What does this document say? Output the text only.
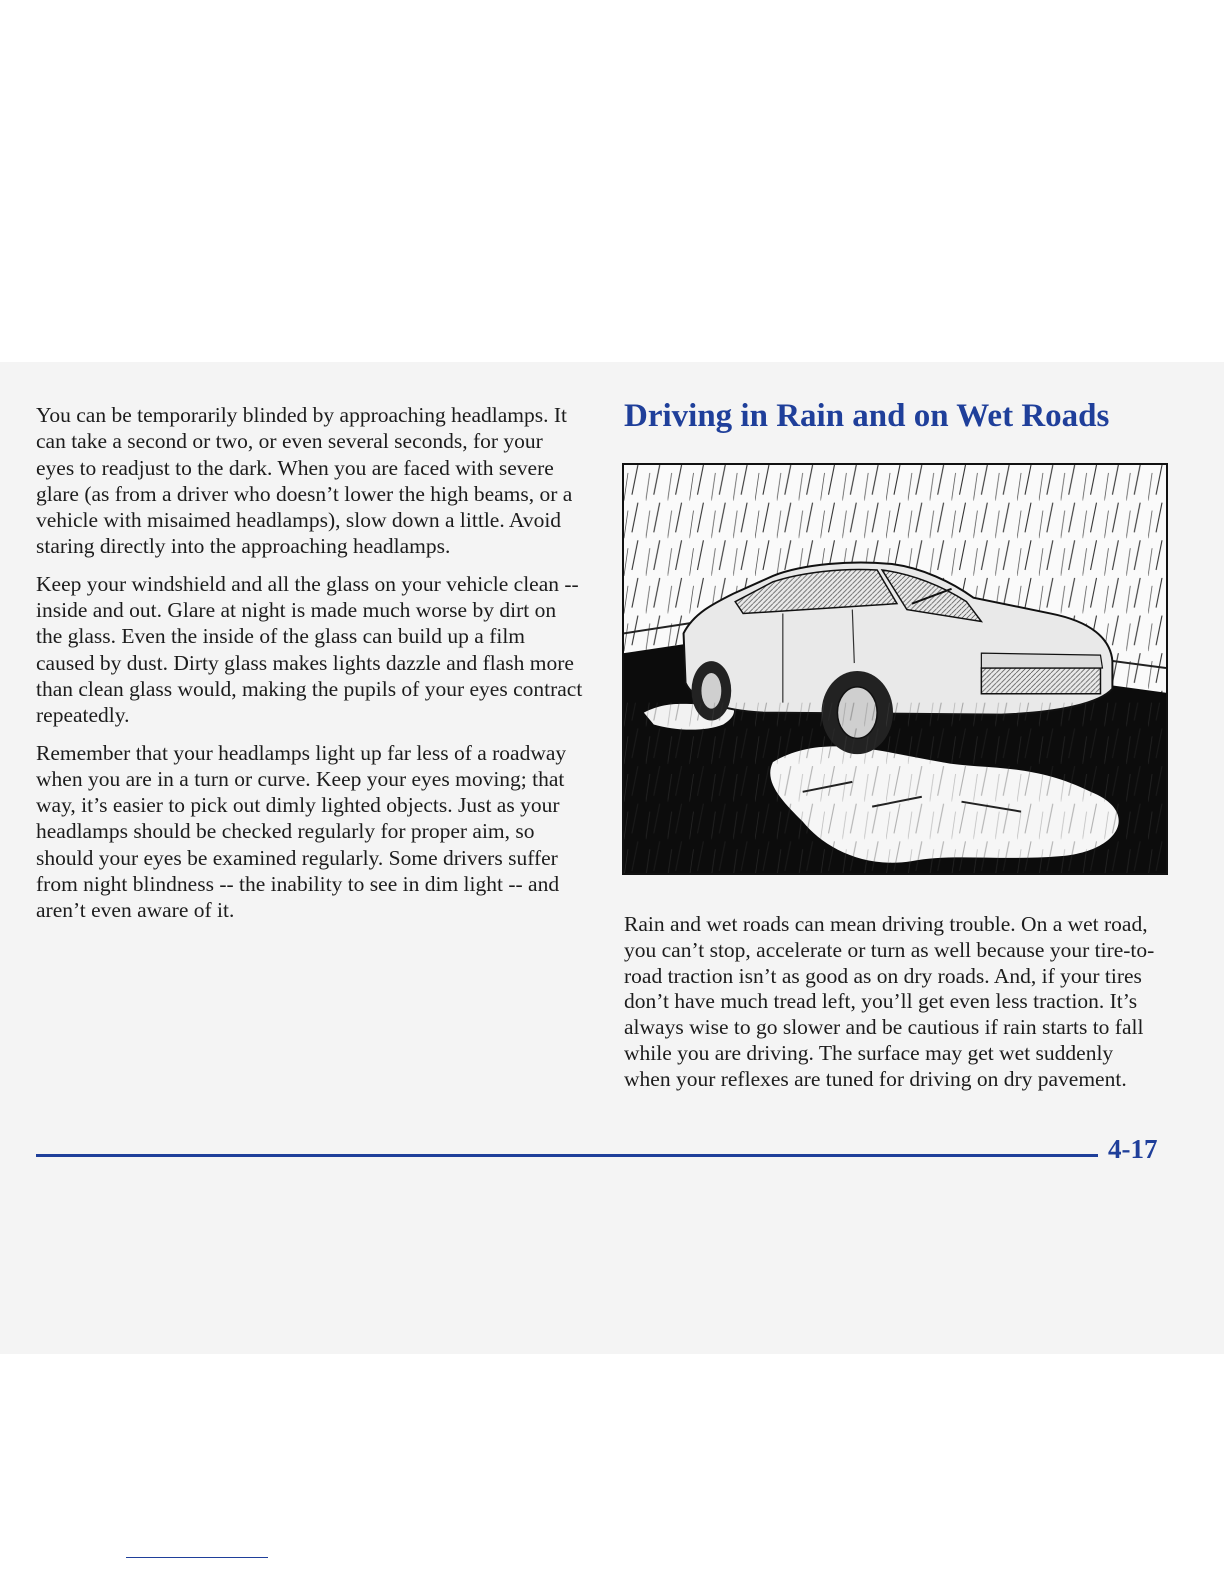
You can be temporarily blinded by approaching headlamps. It can take a second or two, or even several seconds, for your eyes to readjust to the dark. When you are faced with severe glare (as from a driver who doesn’t lower the high beams, or a vehicle with misaimed headlamps), slow down a little. Avoid staring directly into the approaching headlamps.

Keep your windshield and all the glass on your vehicle clean -- inside and out. Glare at night is made much worse by dirt on the glass. Even the inside of the glass can build up a film caused by dust. Dirty glass makes lights dazzle and flash more than clean glass would, making the pupils of your eyes contract repeatedly.

Remember that your headlamps light up far less of a roadway when you are in a turn or curve. Keep your eyes moving; that way, it’s easier to pick out dimly lighted objects. Just as your headlamps should be checked regularly for proper aim, so should your eyes be examined regularly. Some drivers suffer from night blindness -- the inability to see in dim light -- and aren’t even aware of it.

Driving in Rain and on Wet Roads

Rain and wet roads can mean driving trouble. On a wet road, you can’t stop, accelerate or turn as well because your tire-to-road traction isn’t as good as on dry roads. And, if your tires don’t have much tread left, you’ll get even less traction. It’s always wise to go slower and be cautious if rain starts to fall while you are driving. The surface may get wet suddenly when your reflexes are tuned for driving on dry pavement.

4-17
